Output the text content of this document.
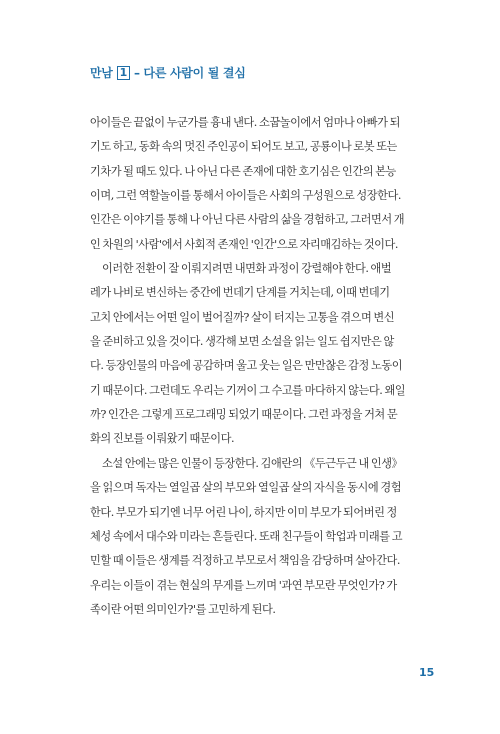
만남 1 – 다른 사람이 될 결심
아이들은 끝없이 누군가를 흉내 낸다. 소꿉놀이에서 엄마나 아빠가 되
기도 하고, 동화 속의 멋진 주인공이 되어도 보고, 공룡이나 로봇 또는
기차가 될 때도 있다. 나 아닌 다른 존재에 대한 호기심은 인간의 본능
이며, 그런 역할놀이를 통해서 아이들은 사회의 구성원으로 성장한다.
인간은 이야기를 통해 나 아닌 다른 사람의 삶을 경험하고, 그러면서 개
인 차원의 '사람'에서 사회적 존재인 '인간'으로 자리매김하는 것이다.
이러한 전환이 잘 이뤄지려면 내면화 과정이 강렬해야 한다. 애벌
레가 나비로 변신하는 중간에 번데기 단계를 거치는데, 이때 번데기
고치 안에서는 어떤 일이 벌어질까? 살이 터지는 고통을 겪으며 변신
을 준비하고 있을 것이다. 생각해 보면 소설을 읽는 일도 쉽지만은 않
다. 등장인물의 마음에 공감하며 울고 웃는 일은 만만찮은 감정 노동이
기 때문이다. 그런데도 우리는 기꺼이 그 수고를 마다하지 않는다. 왜일
까? 인간은 그렇게 프로그래밍 되었기 때문이다. 그런 과정을 거쳐 문
화의 진보를 이뤄왔기 때문이다.
소설 안에는 많은 인물이 등장한다. 김애란의 《두근두근 내 인생》
을 읽으며 독자는 열일곱 살의 부모와 열일곱 살의 자식을 동시에 경험
한다. 부모가 되기엔 너무 어린 나이, 하지만 이미 부모가 되어버린 정
체성 속에서 대수와 미라는 흔들린다. 또래 친구들이 학업과 미래를 고
민할 때 이들은 생계를 걱정하고 부모로서 책임을 감당하며 살아간다.
우리는 이들이 겪는 현실의 무게를 느끼며 '과연 부모란 무엇인가? 가
족이란 어떤 의미인가?'를 고민하게 된다.
15
